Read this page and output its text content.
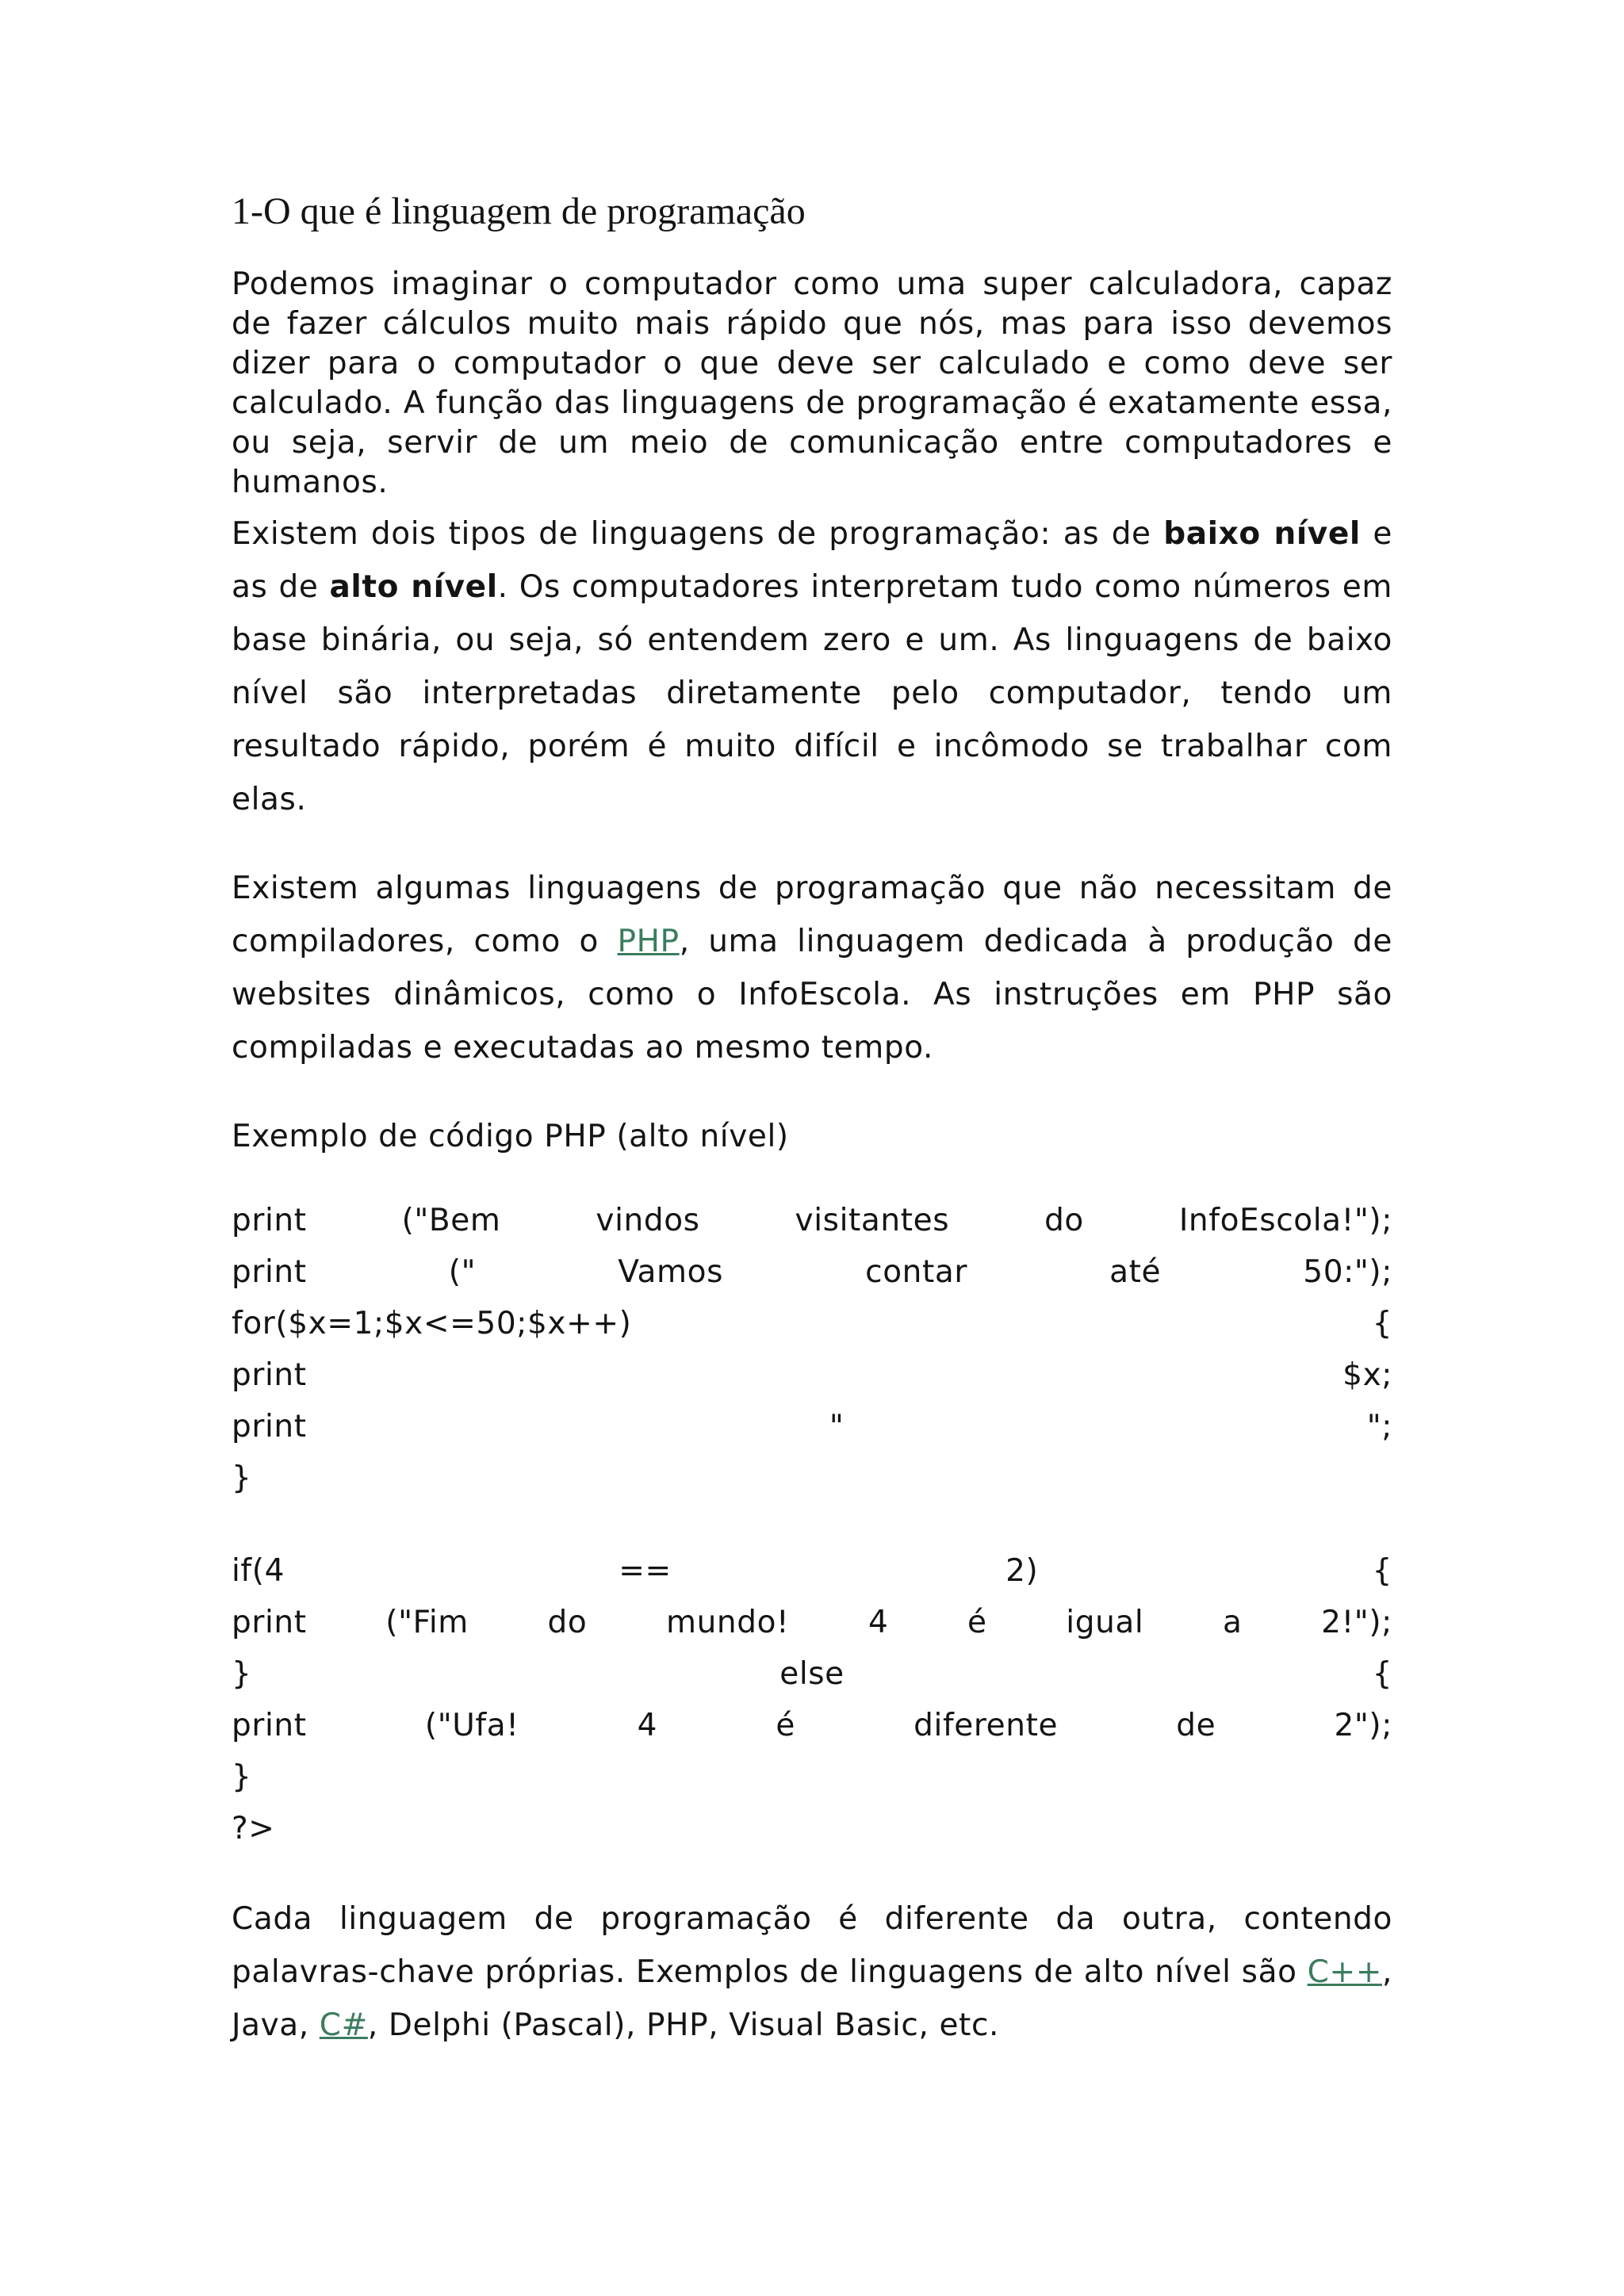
1-O que é linguagem de programação

Podemos imaginar o computador como uma super calculadora, capaz de fazer cálculos muito mais rápido que nós, mas para isso devemos dizer para o computador o que deve ser calculado e como deve ser calculado. A função das linguagens de programação é exatamente essa, ou seja, servir de um meio de comunicação entre computadores e humanos.

Existem dois tipos de linguagens de programação: as de baixo nível e as de alto nível. Os computadores interpretam tudo como números em base binária, ou seja, só entendem zero e um. As linguagens de baixo nível são interpretadas diretamente pelo computador, tendo um resultado rápido, porém é muito difícil e incômodo se trabalhar com elas.

Existem algumas linguagens de programação que não necessitam de compiladores, como o PHP, uma linguagem dedicada à produção de websites dinâmicos, como o InfoEscola. As instruções em PHP são compiladas e executadas ao mesmo tempo.

Exemplo de código PHP (alto nível)

print	("Bem	vindos	visitantes	do	InfoEscola!");
print	("	Vamos	contar	até	50:");
for($x=1;$x<=50;$x++)	{
print	$x;
print	"	";
}
if(4	==	2)	{
print	("Fim	do	mundo!	4	é	igual	a	2!");
}	else	{
print	("Ufa!	4	é	diferente	de	2");
}
?>

Cada linguagem de programação é diferente da outra, contendo palavras-chave próprias. Exemplos de linguagens de alto nível são C++, Java, C#, Delphi (Pascal), PHP, Visual Basic, etc.
